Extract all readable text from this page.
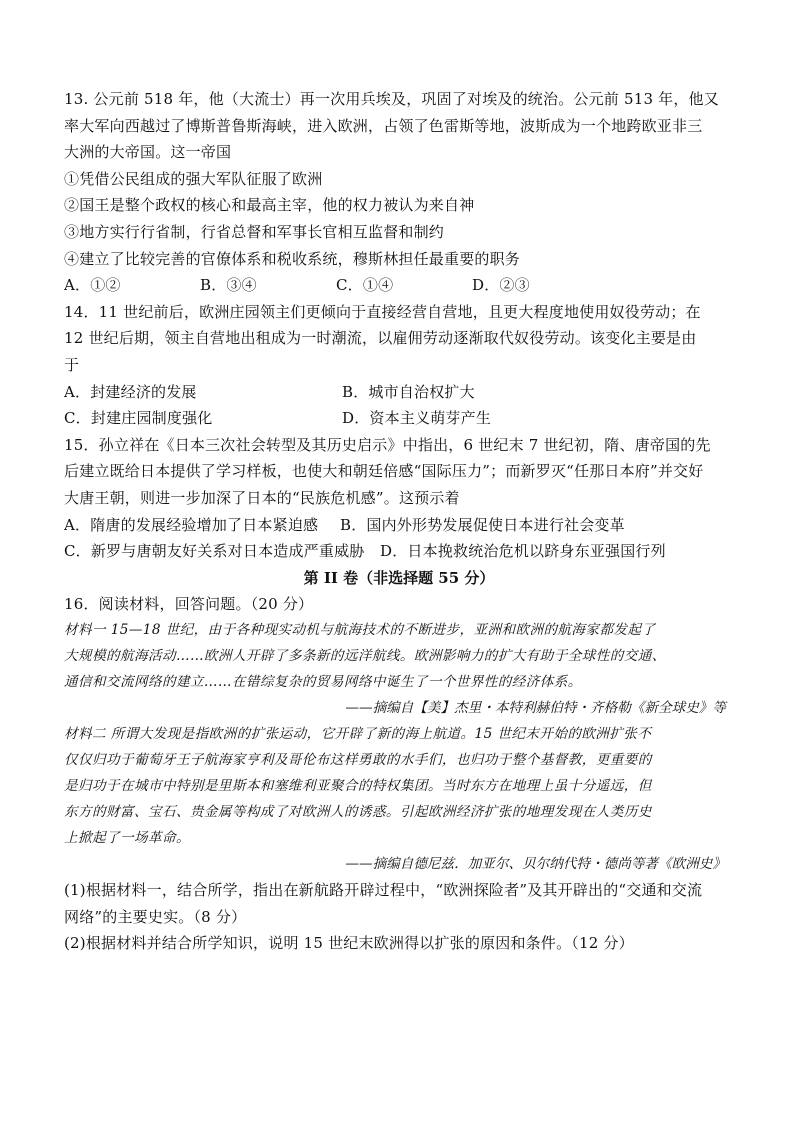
13. 公元前 518 年，他（大流士）再一次用兵埃及，巩固了对埃及的统治。公元前 513 年，他又
率大军向西越过了博斯普鲁斯海峡，进入欧洲，占领了色雷斯等地，波斯成为一个地跨欧亚非三
大洲的大帝国。这一帝国
①凭借公民组成的强大军队征服了欧洲
②国王是整个政权的核心和最高主宰，他的权力被认为来自神
③地方实行行省制，行省总督和军事长官相互监督和制约
④建立了比较完善的官僚体系和税收系统，穆斯林担任最重要的职务
A．①②	B．③④	C．①④	D．②③
14．11 世纪前后，欧洲庄园领主们更倾向于直接经营自营地，且更大程度地使用奴役劳动；在
12 世纪后期，领主自营地出租成为一时潮流，以雇佣劳动逐渐取代奴役劳动。该变化主要是由
于
A．封建经济的发展	B．城市自治权扩大
C．封建庄园制度强化	D．资本主义萌芽产生
15．孙立祥在《日本三次社会转型及其历史启示》中指出，6 世纪末 7 世纪初，隋、唐帝国的先
后建立既给日本提供了学习样板，也使大和朝廷倍感“国际压力”；而新罗灭“任那日本府”并交好
大唐王朝，则进一步加深了日本的“民族危机感”。这预示着
A．隋唐的发展经验增加了日本紧迫感	B．国内外形势发展促使日本进行社会变革
C．新罗与唐朝友好关系对日本造成严重威胁	D．日本挽救统治危机以跻身东亚强国行列
第 II 卷（非选择题 55 分）
16．阅读材料，回答问题。（20 分）
材料一 15—18 世纪，由于各种现实动机与航海技术的不断进步，亚洲和欧洲的航海家都发起了
大规模的航海活动……欧洲人开辟了多条新的远洋航线。欧洲影响力的扩大有助于全球性的交通、
通信和交流网络的建立……在错综复杂的贸易网络中诞生了一个世界性的经济体系。
——摘编自【美】杰里・本特利赫伯特・齐格勒《新全球史》等
材料二 所谓大发现是指欧洲的扩张运动，它开辟了新的海上航道。15 世纪末开始的欧洲扩张不
仅仅归功于葡萄牙王子航海家亨利及哥伦布这样勇敢的水手们，也归功于整个基督教，更重要的
是归功于在城市中特别是里斯本和塞维利亚聚合的特权集团。当时东方在地理上虽十分遥远，但
东方的财富、宝石、贵金属等构成了对欧洲人的诱惑。引起欧洲经济扩张的地理发现在人类历史
上掀起了一场革命。
——摘编自德尼兹．加亚尔、贝尔纳代特・德尚等著《欧洲史》
(1)根据材料一，结合所学，指出在新航路开辟过程中，“欧洲探险者”及其开辟出的“交通和交流
网络”的主要史实。（8 分）
(2)根据材料并结合所学知识，说明 15 世纪末欧洲得以扩张的原因和条件。（12 分）
